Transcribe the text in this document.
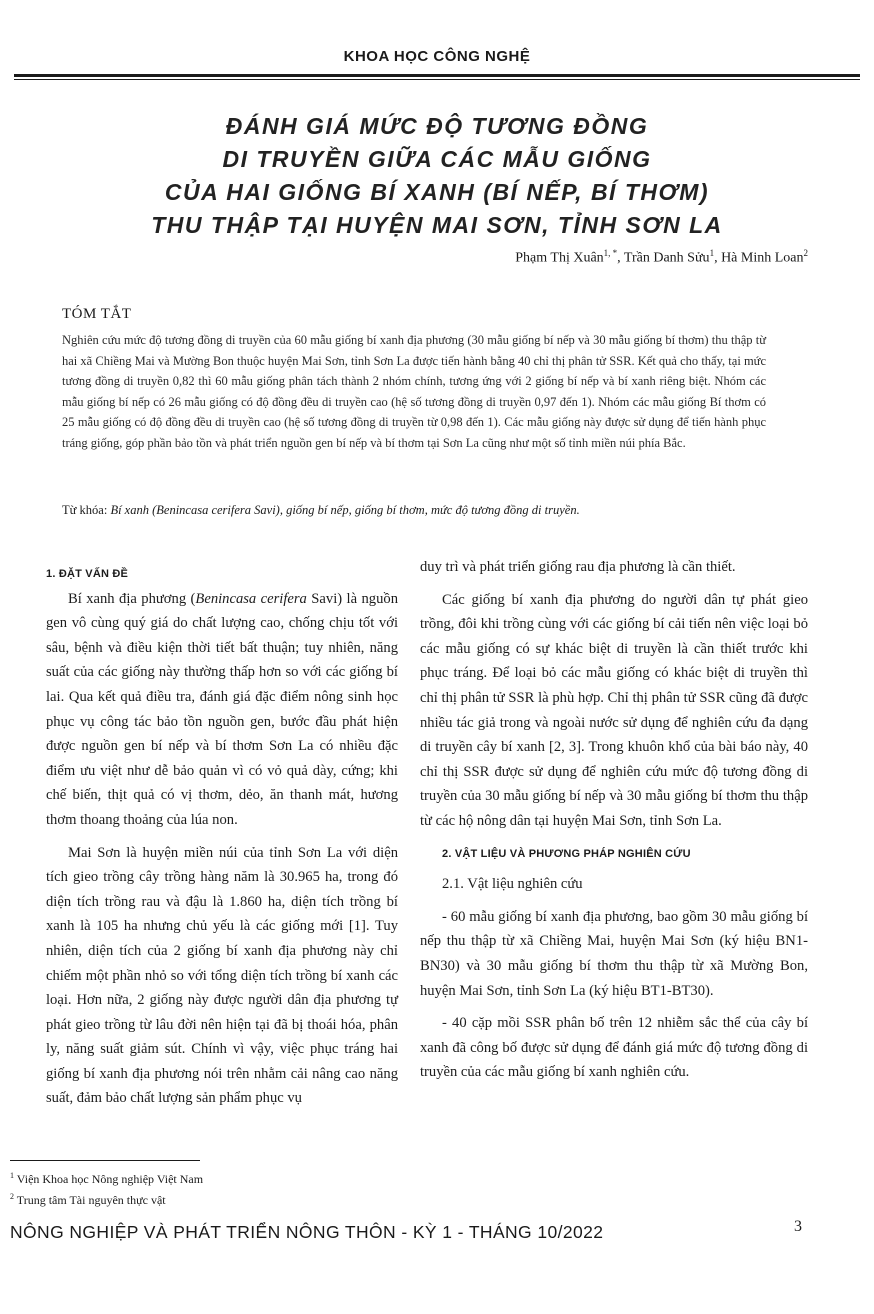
KHOA HỌC CÔNG NGHỆ
ĐÁNH GIÁ MỨC ĐỘ TƯƠNG ĐỒNG
DI TRUYỀN GIỮA CÁC MẪU GIỐNG
CỦA HAI GIỐNG BÍ XANH (BÍ NẾP, BÍ THƠM)
THU THẬP TẠI HUYỆN MAI SƠN, TỈNH SƠN LA
Phạm Thị Xuân$^{1, *}$, Trần Danh Sửu$^1$, Hà Minh Loan$^2$
TÓM TẮT
Nghiên cứu mức độ tương đồng di truyền của 60 mẫu giống bí xanh địa phương (30 mẫu giống bí nếp và 30 mẫu giống bí thơm) thu thập từ hai xã Chiềng Mai và Mường Bon thuộc huyện Mai Sơn, tỉnh Sơn La được tiến hành bằng 40 chỉ thị phân tử SSR. Kết quả cho thấy, tại mức tương đồng di truyền 0,82 thì 60 mẫu giống phân tách thành 2 nhóm chính, tương ứng với 2 giống bí nếp và bí xanh riêng biệt. Nhóm các mẫu giống bí nếp có 26 mẫu giống có độ đồng đều di truyền cao (hệ số tương đồng di truyền 0,97 đến 1). Nhóm các mẫu giống Bí thơm có 25 mẫu giống có độ đồng đều di truyền cao (hệ số tương đồng di truyền từ 0,98 đến 1). Các mẫu giống này được sử dụng để tiến hành phục tráng giống, góp phần bảo tồn và phát triển nguồn gen bí nếp và bí thơm tại Sơn La cũng như một số tỉnh miền núi phía Bắc.
Từ khóa: Bí xanh (Benincasa cerifera Savi), giống bí nếp, giống bí thơm, mức độ tương đồng di truyền.

1. ĐẶT VẤN ĐỀ

Bí xanh địa phương (Benincasa cerifera Savi) là nguồn gen vô cùng quý giá do chất lượng cao, chống chịu tốt với sâu, bệnh và điều kiện thời tiết bất thuận; tuy nhiên, năng suất của các giống này thường thấp hơn so với các giống bí lai. Qua kết quả điều tra, đánh giá đặc điểm nông sinh học phục vụ công tác bảo tồn nguồn gen, bước đầu phát hiện được nguồn gen bí nếp và bí thơm Sơn La có nhiều đặc điểm ưu việt như dễ bảo quản vì có vỏ quả dày, cứng; khi chế biến, thịt quả có vị thơm, dẻo, ăn thanh mát, hương thơm thoang thoảng của lúa non.

Mai Sơn là huyện miền núi của tỉnh Sơn La với diện tích gieo trồng cây trồng hàng năm là 30.965 ha, trong đó diện tích trồng rau và đậu là 1.860 ha, diện tích trồng bí xanh là 105 ha nhưng chủ yếu là các giống mới [1]. Tuy nhiên, diện tích của 2 giống bí xanh địa phương này chỉ chiếm một phần nhỏ so với tổng diện tích trồng bí xanh các loại. Hơn nữa, 2 giống này được người dân địa phương tự phát gieo trồng từ lâu đời nên hiện tại đã bị thoái hóa, phân ly, năng suất giảm sút. Chính vì vậy, việc phục tráng hai giống bí xanh địa phương nói trên nhằm cải nâng cao năng suất, đảm bảo chất lượng sản phẩm phục vụ

duy trì và phát triển giống rau địa phương là cần thiết.

Các giống bí xanh địa phương do người dân tự phát gieo trồng, đôi khi trồng cùng với các giống bí cải tiến nên việc loại bỏ các mẫu giống có sự khác biệt di truyền là cần thiết trước khi phục tráng. Để loại bỏ các mẫu giống có khác biệt di truyền thì chỉ thị phân tử SSR là phù hợp. Chỉ thị phân tử SSR cũng đã được nhiều tác giả trong và ngoài nước sử dụng để nghiên cứu đa dạng di truyền cây bí xanh [2, 3]. Trong khuôn khổ của bài báo này, 40 chỉ thị SSR được sử dụng để nghiên cứu mức độ tương đồng di truyền của 30 mẫu giống bí nếp và 30 mẫu giống bí thơm thu thập từ các hộ nông dân tại huyện Mai Sơn, tỉnh Sơn La.

2. VẬT LIỆU VÀ PHƯƠNG PHÁP NGHIÊN CỨU

2.1. Vật liệu nghiên cứu

- 60 mẫu giống bí xanh địa phương, bao gồm 30 mẫu giống bí nếp thu thập từ xã Chiềng Mai, huyện Mai Sơn (ký hiệu BN1-BN30) và 30 mẫu giống bí thơm thu thập từ xã Mường Bon, huyện Mai Sơn, tỉnh Sơn La (ký hiệu BT1-BT30).

- 40 cặp mồi SSR phân bố trên 12 nhiễm sắc thể của cây bí xanh đã công bố được sử dụng để đánh giá mức độ tương đồng di truyền của các mẫu giống bí xanh nghiên cứu.

$^1$ Viện Khoa học Nông nghiệp Việt Nam
$^2$ Trung tâm Tài nguyên thực vật
NÔNG NGHIỆP VÀ PHÁT TRIỂN NÔNG THÔN - KỲ 1 - THÁNG 10/2022	3
